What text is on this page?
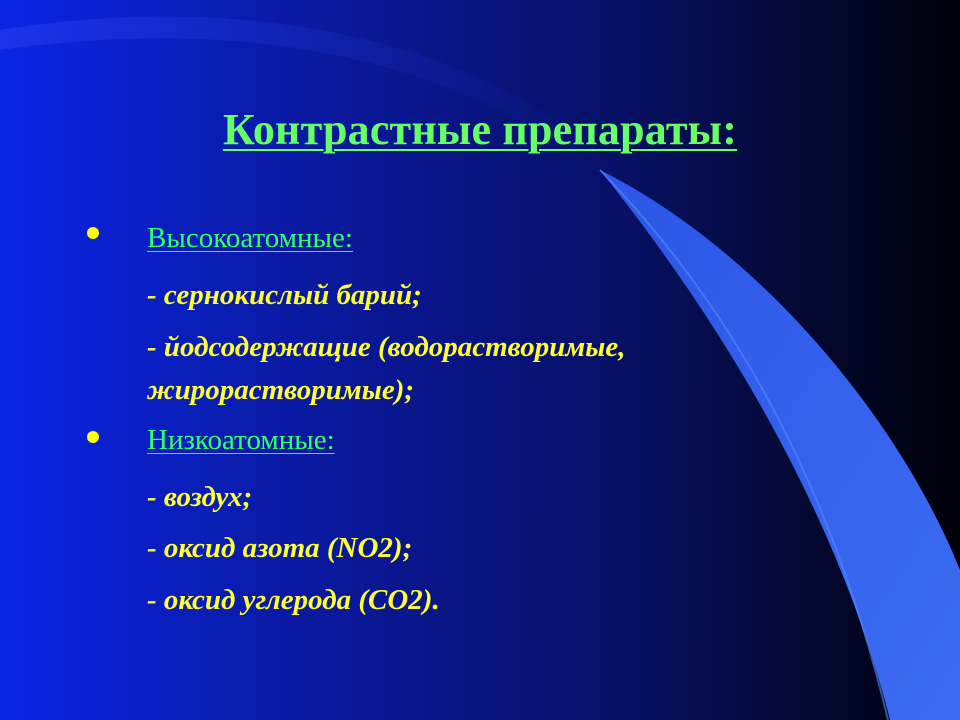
Контрастные препараты:
Высокоатомные:
- сернокислый барий;
- йодсодержащие (водорастворимые,
жирорастворимые);
Низкоатомные:
- воздух;
- оксид азота (NO2);
- оксид углерода (CO2).
